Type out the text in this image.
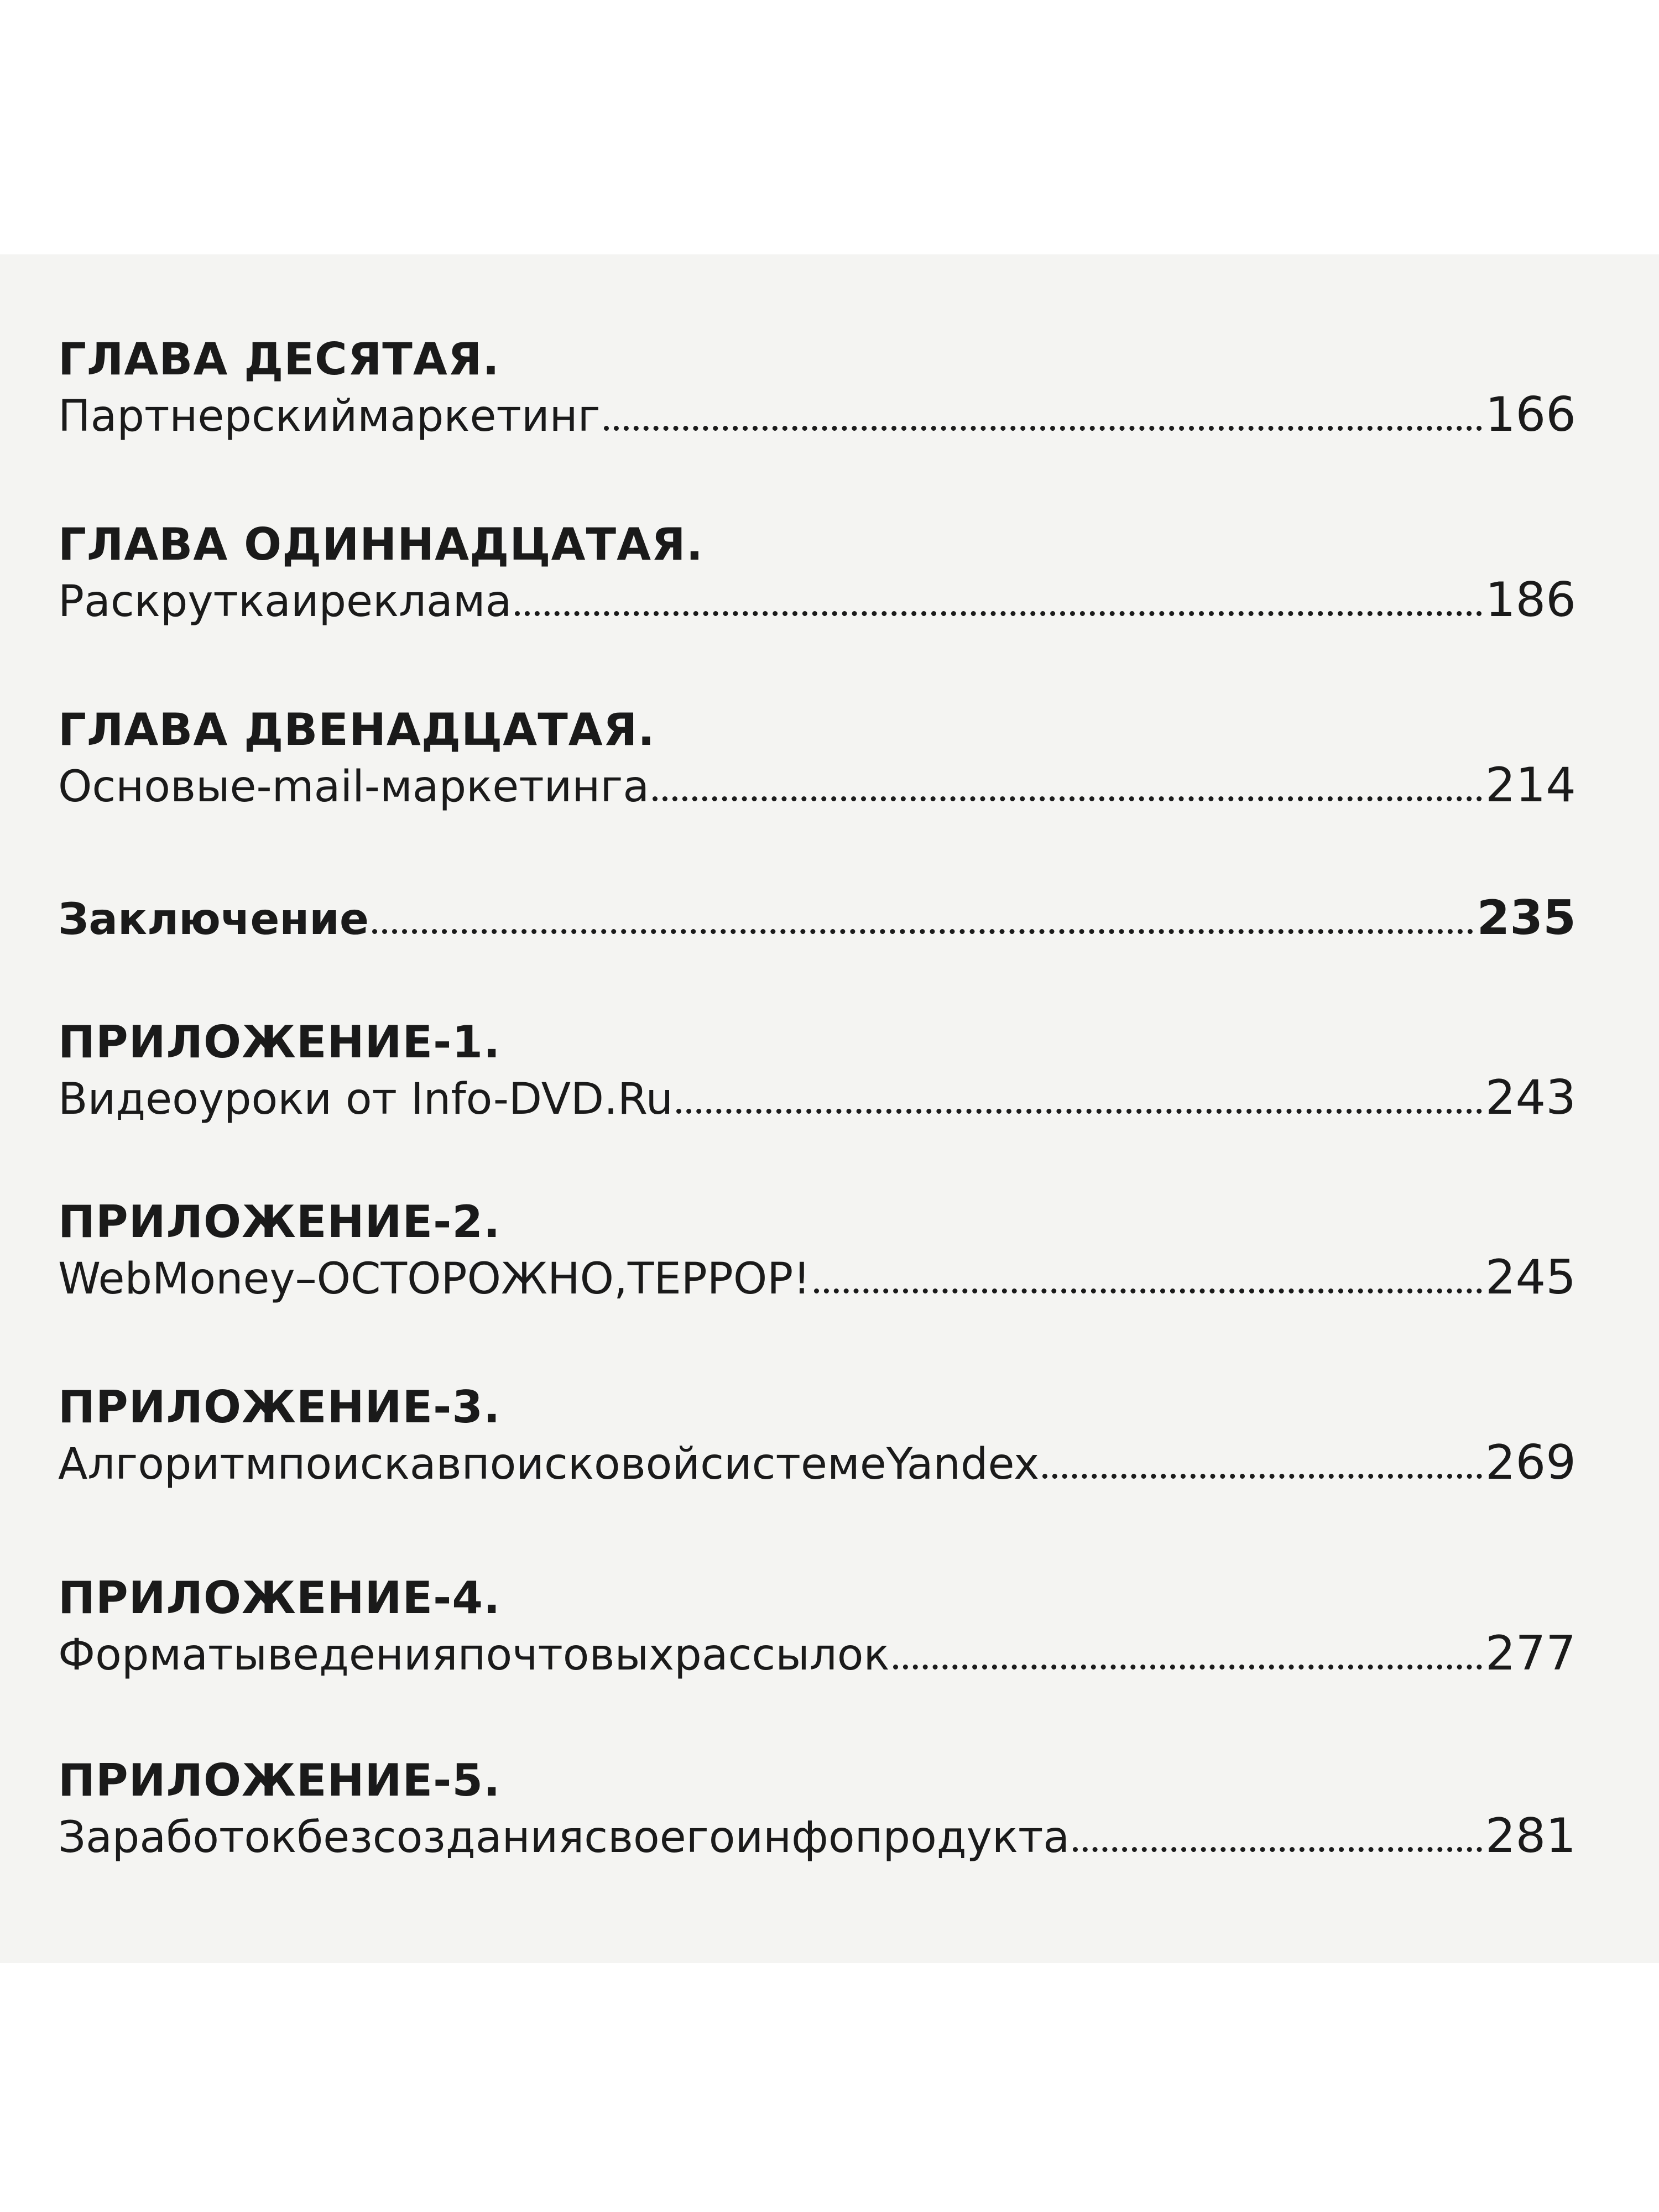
ГЛАВА ДЕСЯТАЯ.
Партнерскиймаркетинг	166
ГЛАВА ОДИННАДЦАТАЯ.
Раскруткаиреклама	186
ГЛАВА ДВЕНАДЦАТАЯ.
Основыe-mail-маркетинга	214
Заключение	235
ПРИЛОЖЕНИЕ-1.
Видеоуроки от Info-DVD.Ru	243
ПРИЛОЖЕНИЕ-2.
WebMoney–ОСТОРОЖНО,ТЕРРОР!	245
ПРИЛОЖЕНИЕ-3.
АлгоритмпоискавпоисковойсистемеYandex	269
ПРИЛОЖЕНИЕ-4.
Форматыведенияпочтовыхрассылок	277
ПРИЛОЖЕНИЕ-5.
Заработокбезсозданиясвоегоинфопродукта	281
